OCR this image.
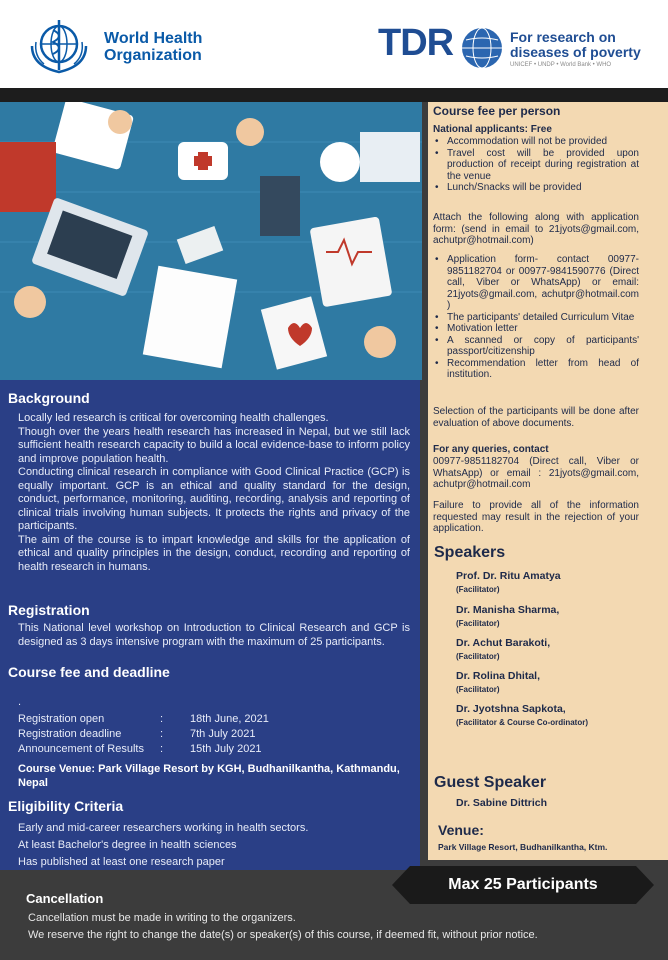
World Health
Organization	TDR	For research on
diseases of poverty
UNICEF • UNDP • World Bank • WHO
Background

Locally led research is critical for overcoming health challenges.

Though over the years health research has increased in Nepal, but we still lack sufficient health research capacity to build a local evidence-base to inform policy and improve population health.

Conducting clinical research in compliance with Good Clinical Practice (GCP) is equally important. GCP is an ethical and quality standard for the design, conduct, performance, monitoring, auditing, recording, analysis and reporting of clinical trials involving human subjects. It protects the rights and privacy of the participants.

The aim of the course is to impart knowledge and skills for the application of ethical and quality principles in the design, conduct, recording and reporting of health research in humans.

Registration
This National level workshop on Introduction to Clinical Research and GCP is designed as 3 days intensive program with the maximum of 25 participants.
Course fee and deadline
.
Registration open	: 18th June, 2021
Registration deadline	: 7th July 2021
Announcement of Results : 15th July 2021
Course Venue: Park Village Resort by KGH, Budhanilkantha, Kathmandu,
Nepal
Eligibility Criteria
Early and mid-career researchers working in health sectors.
At least Bachelor's degree in health sciences
Has published at least one research paper
Course fee per person
National applicants: Free
• Accommodation will not be provided
• Travel cost will be provided upon production of receipt during registration at the venue
• Lunch/Snacks will be provided
Attach the following along with application form: (send in email to 21jyots@gmail.com, achutpr@hotmail.com)
• Application form- contact 00977-9851182704 or 00977-9841590776 (Direct call, Viber or WhatsApp) or email: 21jyots@gmail.com, achutpr@hotmail.com )
• The participants' detailed Curriculum Vitae
• Motivation letter
• A scanned or copy of participants' passport/citizenship
• Recommendation letter from head of institution.
Selection of the participants will be done after evaluation of above documents.
For any queries, contact
00977-9851182704 (Direct call, Viber or WhatsApp) or email : 21jyots@gmail.com, achutpr@hotmail.com
Failure to provide all of the information requested may result in the rejection of your application.
Speakers
Prof. Dr. Ritu Amatya
(Facilitator)
Dr. Manisha Sharma,
(Facilitator)
Dr. Achut Barakoti,
(Facilitator)
Dr. Rolina Dhital,
(Facilitator)
Dr. Jyotshna Sapkota,
(Facilitator & Course Co-ordinator)
Guest Speaker
Dr. Sabine Dittrich
Venue:
Park Village Resort, Budhanilkantha, Ktm.
Max 25 Participants
Cancellation
Cancellation must be made in writing to the organizers.
We reserve the right to change the date(s) or speaker(s) of this course, if deemed fit, without prior notice.
